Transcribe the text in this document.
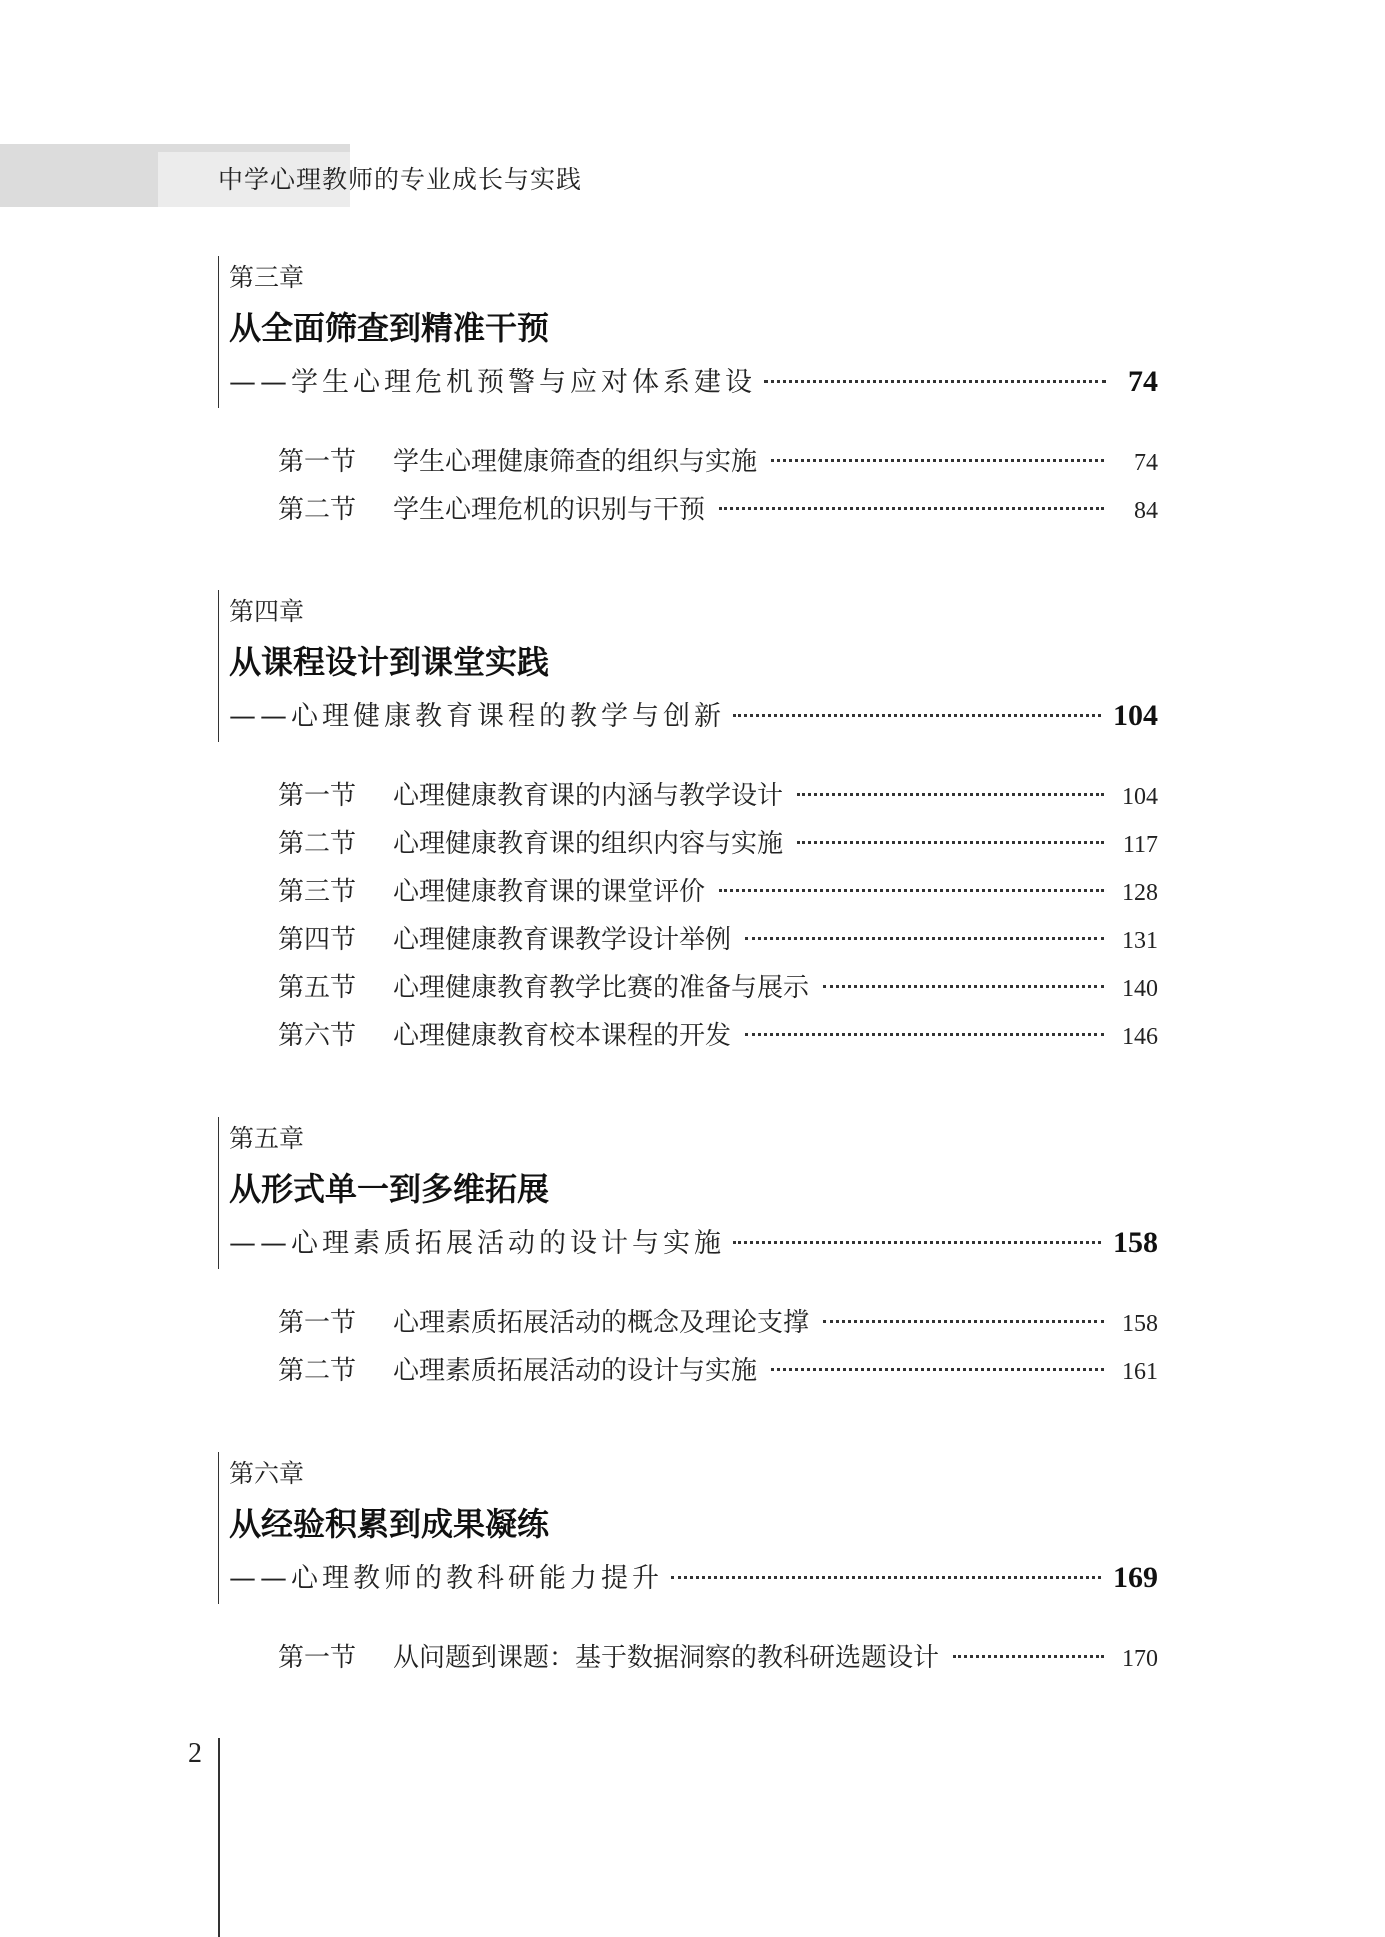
中学心理教师的专业成长与实践
第三章
从全面筛查到精准干预
——学生心理危机预警与应对体系建设	74
第一节	学生心理健康筛查的组织与实施	74
第二节	学生心理危机的识别与干预	84
第四章
从课程设计到课堂实践
——心理健康教育课程的教学与创新	104
第一节	心理健康教育课的内涵与教学设计	104
第二节	心理健康教育课的组织内容与实施	117
第三节	心理健康教育课的课堂评价	128
第四节	心理健康教育课教学设计举例	131
第五节	心理健康教育教学比赛的准备与展示	140
第六节	心理健康教育校本课程的开发	146
第五章
从形式单一到多维拓展
——心理素质拓展活动的设计与实施	158
第一节	心理素质拓展活动的概念及理论支撑	158
第二节	心理素质拓展活动的设计与实施	161
第六章
从经验积累到成果凝练
——心理教师的教科研能力提升	169
第一节	从问题到课题：基于数据洞察的教科研选题设计	170
2
